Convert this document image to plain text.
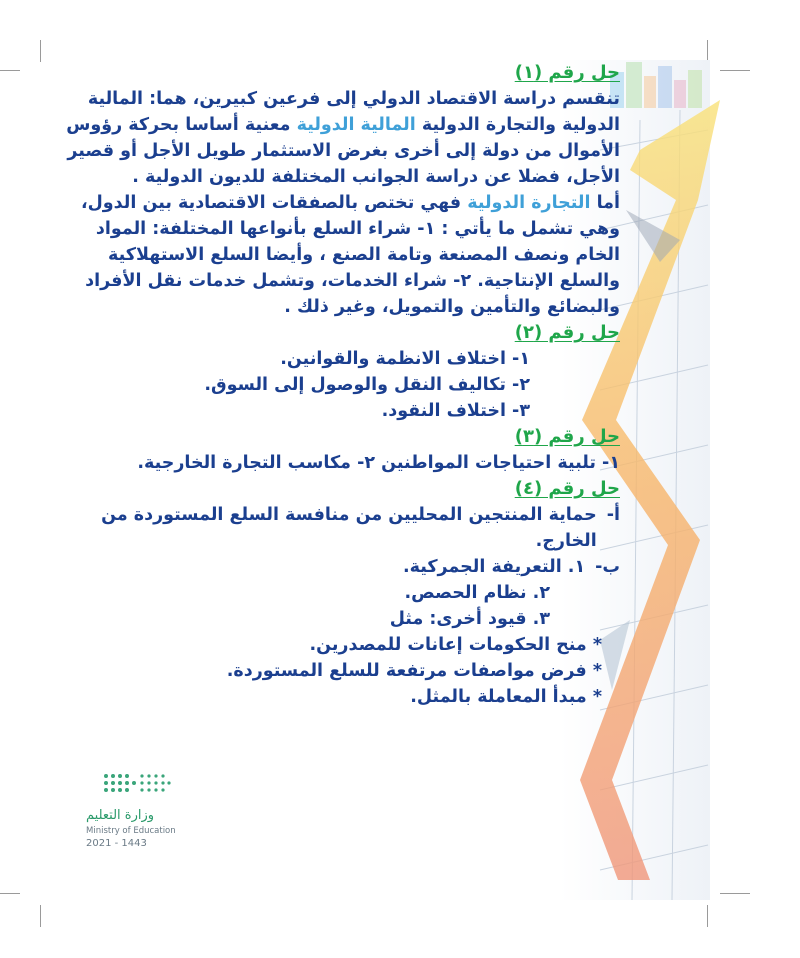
حل رقم (١)

تنقسم دراسة الاقتصاد الدولي إلى فرعين كبيرين، هما: المالية الدولية والتجارة الدولية المالية الدولية معنية أساسا بحركة رؤوس الأموال من دولة إلى أخرى بغرض الاستثمار طويل الأجل أو قصير الأجل، فضلا عن دراسة الجوانب المختلفة للديون الدولية .

أما التجارة الدولية فهي تختص بالصفقات الاقتصادية بين الدول، وهي تشمل ما يأتي : ١- شراء السلع بأنواعها المختلفة: المواد الخام ونصف المصنعة وتامة الصنع ، وأيضا السلع الاستهلاكية والسلع الإنتاجية. ٢- شراء الخدمات، وتشمل خدمات نقل الأفراد والبضائع والتأمين والتمويل، وغير ذلك .

حل رقم (٢)

١- اختلاف الانظمة والقوانين.

٢- تكاليف النقل والوصول إلى السوق.

٣- اختلاف النقود.

حل رقم (٣)

١- تلبية احتياجات المواطنين ٢- مكاسب التجارة الخارجية.

حل رقم (٤)

أ-
حماية المنتجين المحليين من منافسة السلع المستوردة من الخارج.
ب-
١. التعريفة الجمركية.

٢. نظام الحصص.

٣. قيود أخرى: مثل

* منح الحكومات إعانات للمصدرين.

* فرض مواصفات مرتفعة للسلع المستوردة.

* مبدأ المعاملة بالمثل.

وزارة التعليم
Ministry of Education
2021 - 1443
